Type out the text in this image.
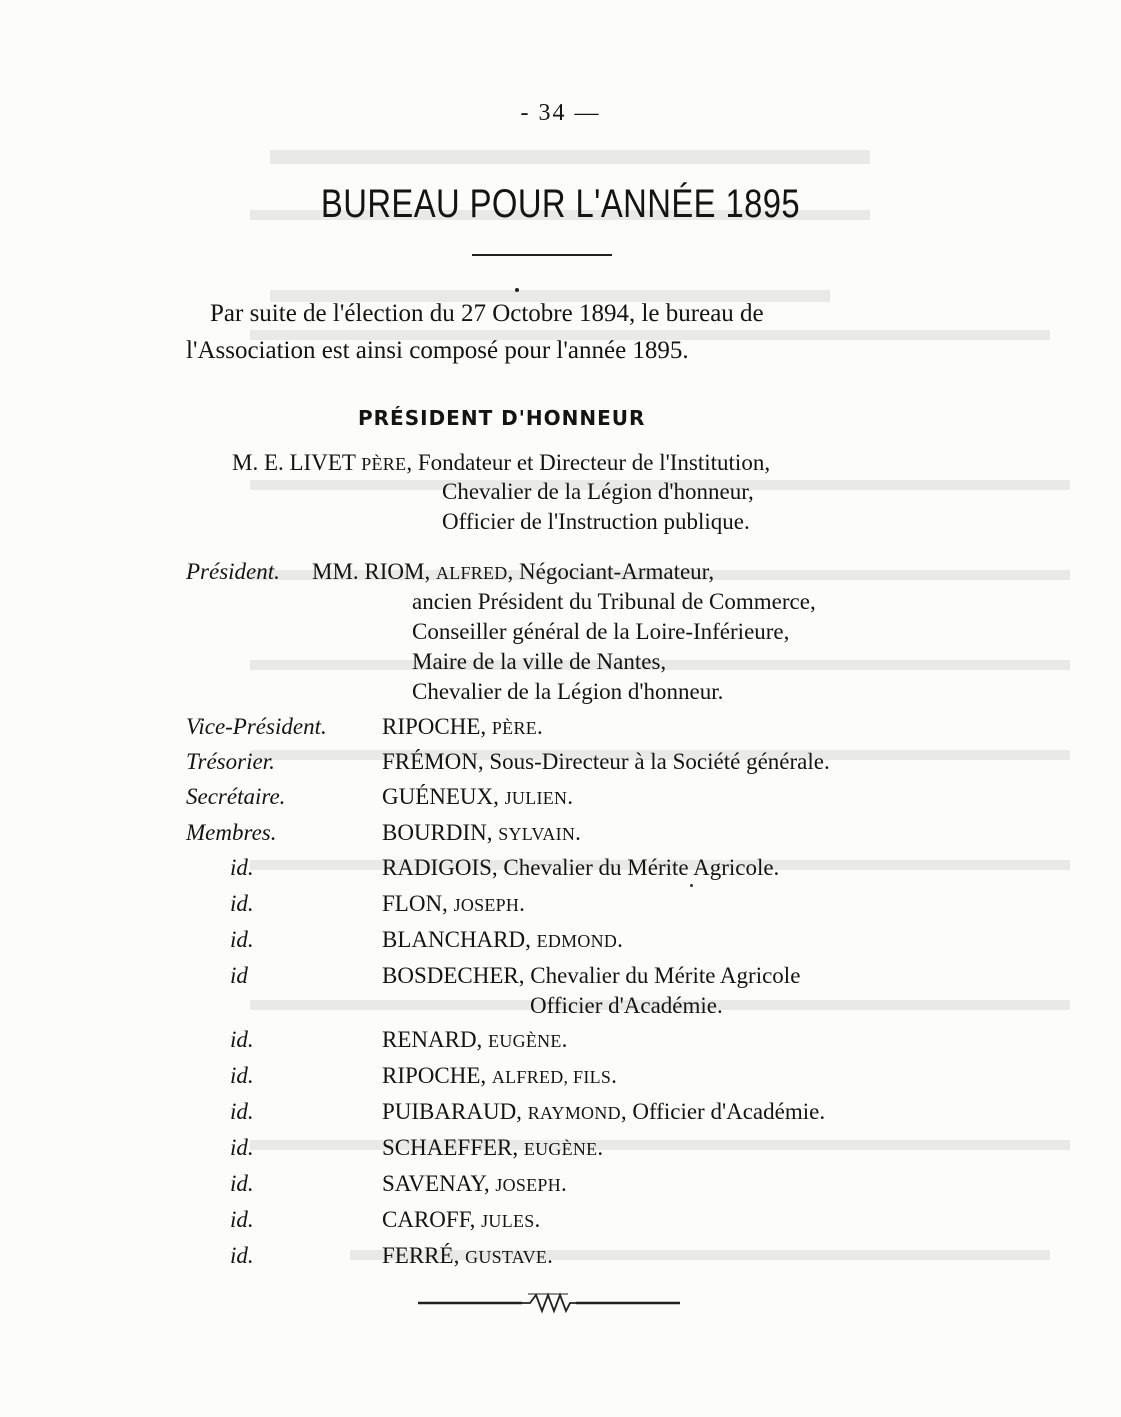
- 34 —
BUREAU POUR L'ANNÉE 1895
Par suite de l'élection du 27 Octobre 1894, le bureau de
l'Association est ainsi composé pour l'année 1895.
PRÉSIDENT D'HONNEUR
M. E. LIVET PÈRE, Fondateur et Directeur de l'Institution,
Chevalier de la Légion d'honneur,
Officier de l'Instruction publique.
Président. MM. RIOM, ALFRED, Négociant-Armateur,
ancien Président du Tribunal de Commerce,
Conseiller général de la Loire-Inférieure,
Maire de la ville de Nantes,
Chevalier de la Légion d'honneur.
Vice-Président. RIPOCHE, PÈRE.
Trésorier.	FRÉMON, Sous-Directeur à la Société générale.
Secrétaire.	GUÉNEUX, JULIEN.
Membres.	BOURDIN, SYLVAIN.
id.	RADIGOIS, Chevalier du Mérite Agricole.
id.	FLON, JOSEPH.
id.	BLANCHARD, EDMOND.
id	BOSDECHER, Chevalier du Mérite Agricole
Officier d'Académie.
id.	RENARD, EUGÈNE.
id.	RIPOCHE, ALFRED, FILS.
id.	PUIBARAUD, RAYMOND, Officier d'Académie.
id.	SCHAEFFER, EUGÈNE.
id.	SAVENAY, JOSEPH.
id.	CAROFF, JULES.
id.	FERRÉ, GUSTAVE.
